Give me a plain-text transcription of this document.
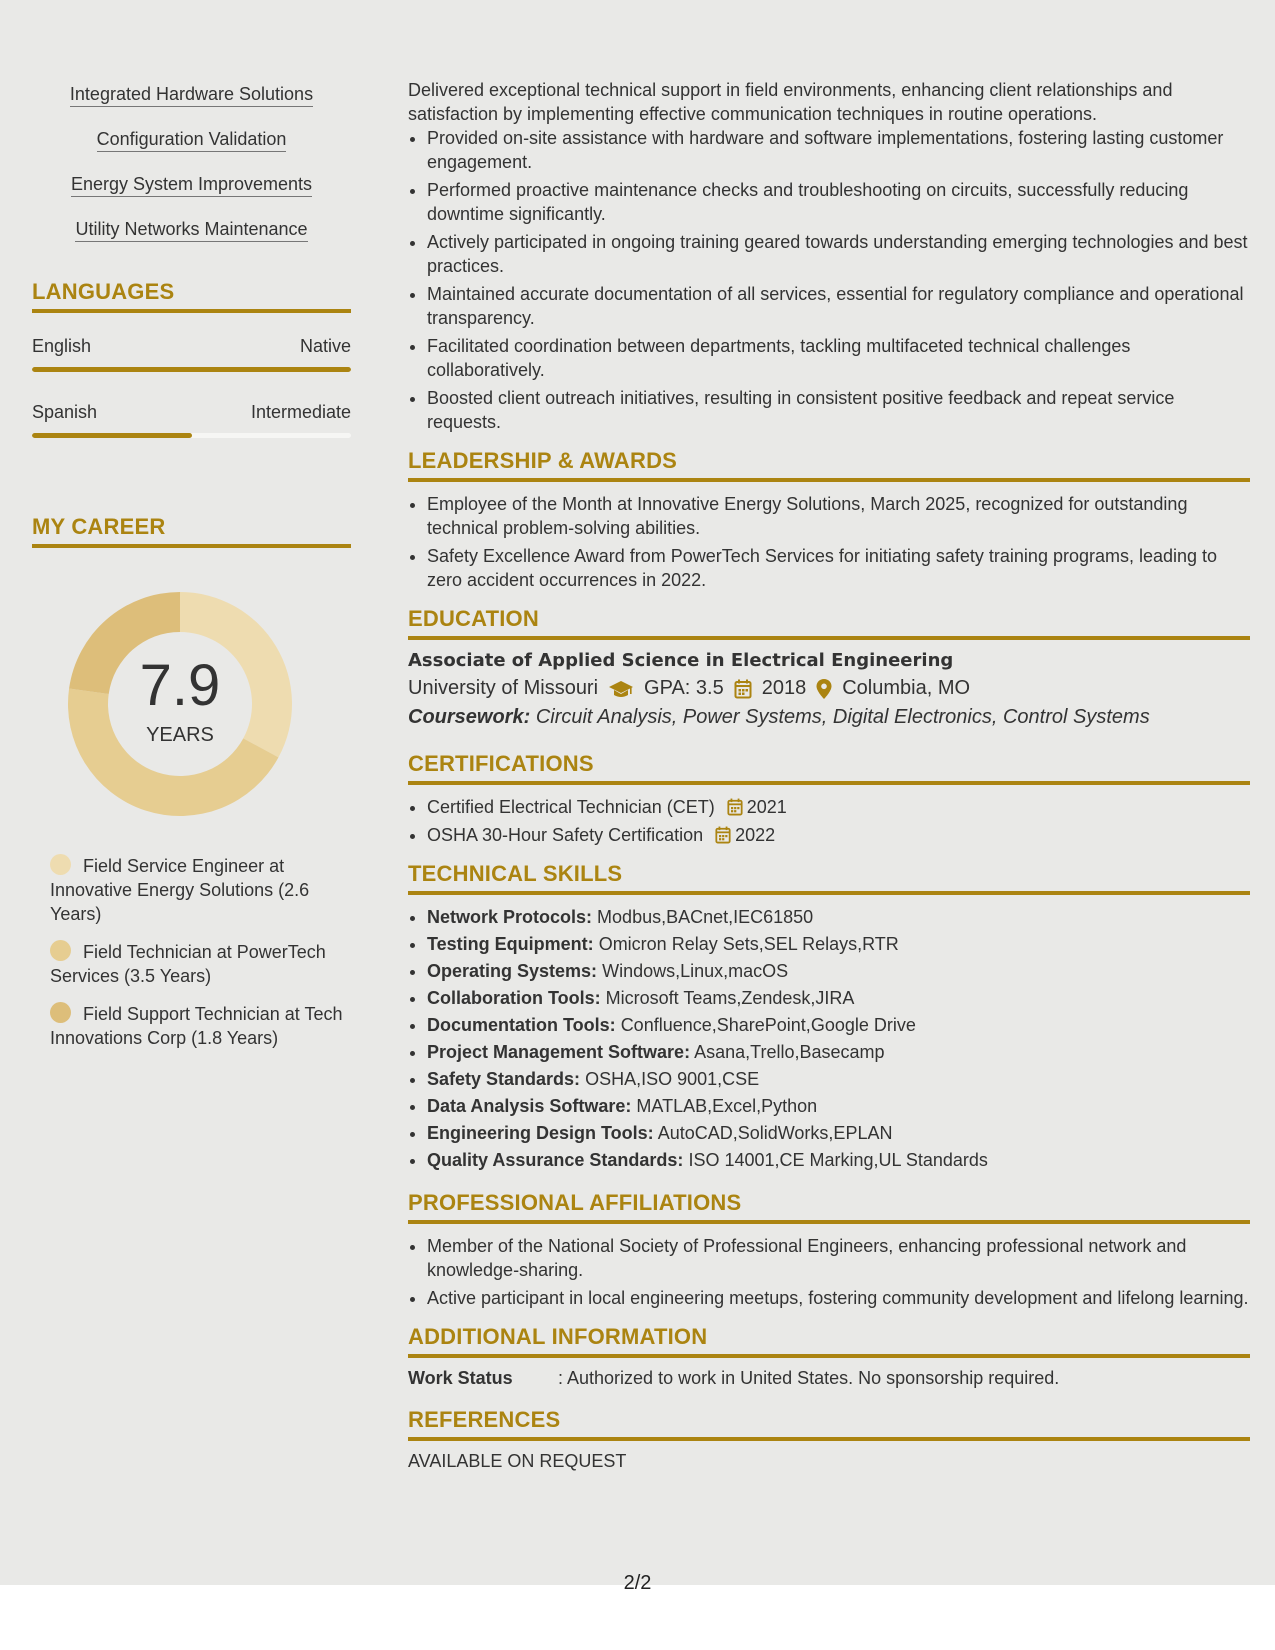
Integrated Hardware Solutions
Configuration Validation
Energy System Improvements
Utility Networks Maintenance
LANGUAGES
English	Native
Spanish	Intermediate
MY CAREER
7.9
YEARS
Field Service Engineer at Innovative Energy Solutions (2.6 Years)
Field Technician at PowerTech Services (3.5 Years)
Field Support Technician at Tech Innovations Corp (1.8 Years)

Delivered exceptional technical support in field environments, enhancing client relationships and satisfaction by implementing effective communication techniques in routine operations.

• Provided on-site assistance with hardware and software implementations, fostering lasting customer engagement.
• Performed proactive maintenance checks and troubleshooting on circuits, successfully reducing downtime significantly.
• Actively participated in ongoing training geared towards understanding emerging technologies and best practices.
• Maintained accurate documentation of all services, essential for regulatory compliance and operational transparency.
• Facilitated coordination between departments, tackling multifaceted technical challenges collaboratively.
• Boosted client outreach initiatives, resulting in consistent positive feedback and repeat service requests.
LEADERSHIP & AWARDS
• Employee of the Month at Innovative Energy Solutions, March 2025, recognized for outstanding technical problem-solving abilities.
• Safety Excellence Award from PowerTech Services for initiating safety training programs, leading to zero accident occurrences in 2022.
EDUCATION
Associate of Applied Science in Electrical Engineering
University of Missouri GPA: 3.5 2018 Columbia, MO
Coursework: Circuit Analysis, Power Systems, Digital Electronics, Control Systems
CERTIFICATIONS
• Certified Electrical Technician (CET) 2021
• OSHA 30-Hour Safety Certification 2022
TECHNICAL SKILLS
• Network Protocols: Modbus,BACnet,IEC61850
• Testing Equipment: Omicron Relay Sets,SEL Relays,RTR
• Operating Systems: Windows,Linux,macOS
• Collaboration Tools: Microsoft Teams,Zendesk,JIRA
• Documentation Tools: Confluence,SharePoint,Google Drive
• Project Management Software: Asana,Trello,Basecamp
• Safety Standards: OSHA,ISO 9001,CSE
• Data Analysis Software: MATLAB,Excel,Python
• Engineering Design Tools: AutoCAD,SolidWorks,EPLAN
• Quality Assurance Standards: ISO 14001,CE Marking,UL Standards
PROFESSIONAL AFFILIATIONS
• Member of the National Society of Professional Engineers, enhancing professional network and knowledge-sharing.
• Active participant in local engineering meetups, fostering community development and lifelong learning.
ADDITIONAL INFORMATION
Work Status	: Authorized to work in United States. No sponsorship required.
REFERENCES
AVAILABLE ON REQUEST
2/2
